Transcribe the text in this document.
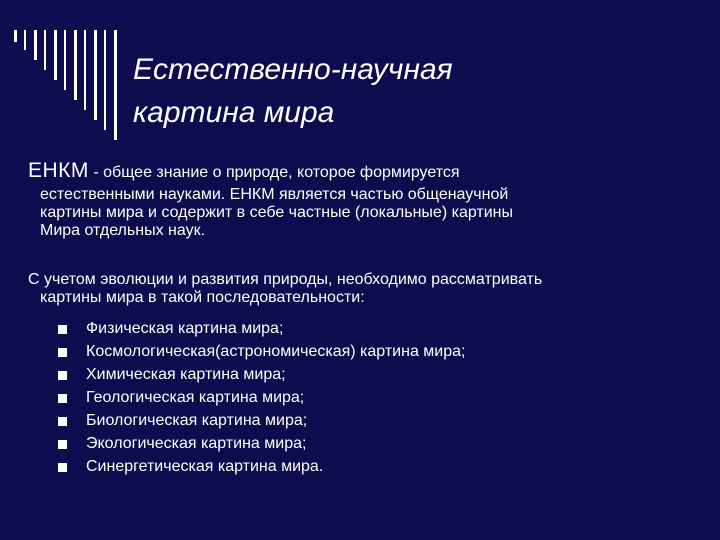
Естественно-научная
картина мира
ЕНКМ - общее знание о природе, которое формируется
естественными науками. ЕНКМ является частью общенаучной
картины мира и содержит в себе частные (локальные) картины
Мира отдельных наук.
С учетом эволюции и развития природы, необходимо рассматривать
картины мира в такой последовательности:
Физическая картина мира;
Космологическая(астрономическая) картина мира;
Химическая картина мира;
Геологическая картина мира;
Биологическая картина мира;
Экологическая картина мира;
Синергетическая картина мира.
